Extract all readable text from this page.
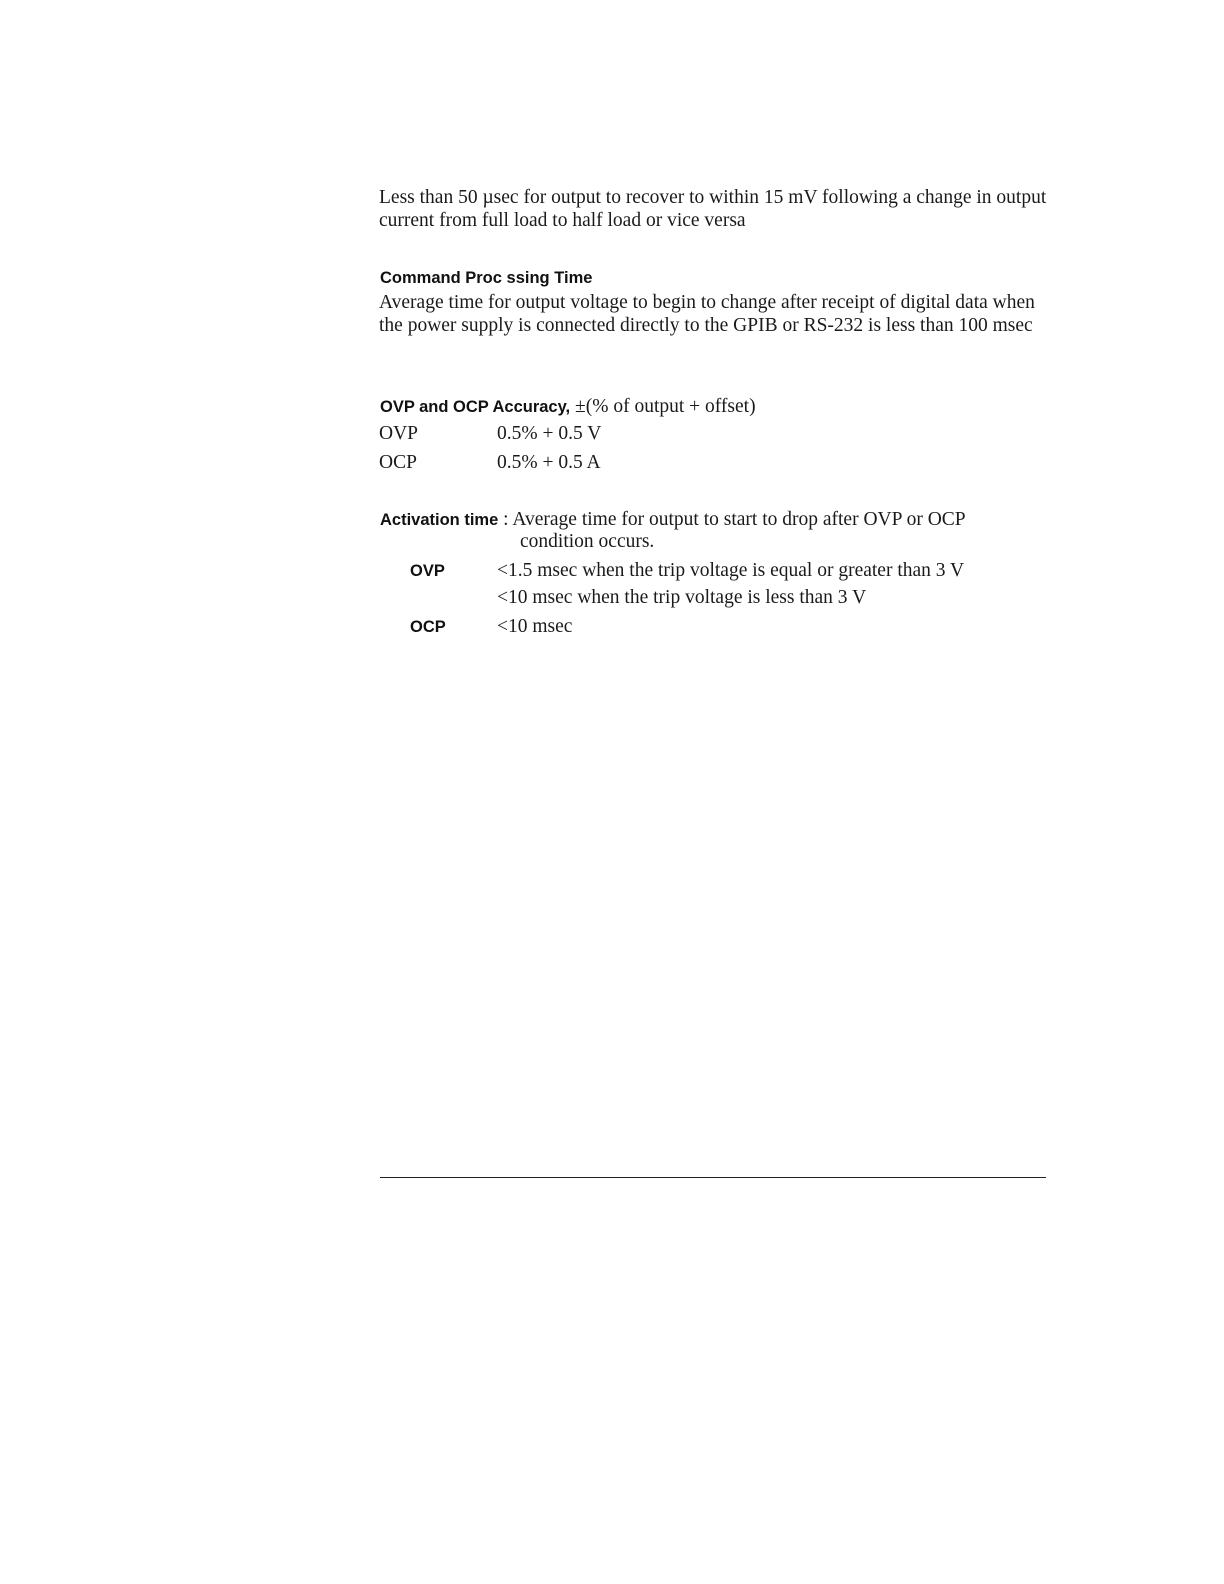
Less than 50 µsec for output to recover to within 15 mV following a change in output current from full load to half load or vice versa

Command Proc ssing Time

Average time for output voltage to begin to change after receipt of digital data when the power supply is connected directly to the GPIB or RS-232 is less than 100 msec

OVP and OCP Accuracy, ±(% of output + offset)
OVP	0.5% + 0.5 V
OCP	0.5% + 0.5 A
Activation time : Average time for output to start to drop after OVP or OCP
condition occurs.
OVP	<1.5 msec when the trip voltage is equal or greater than 3 V
<10 msec when the trip voltage is less than 3 V
OCP	<10 msec
